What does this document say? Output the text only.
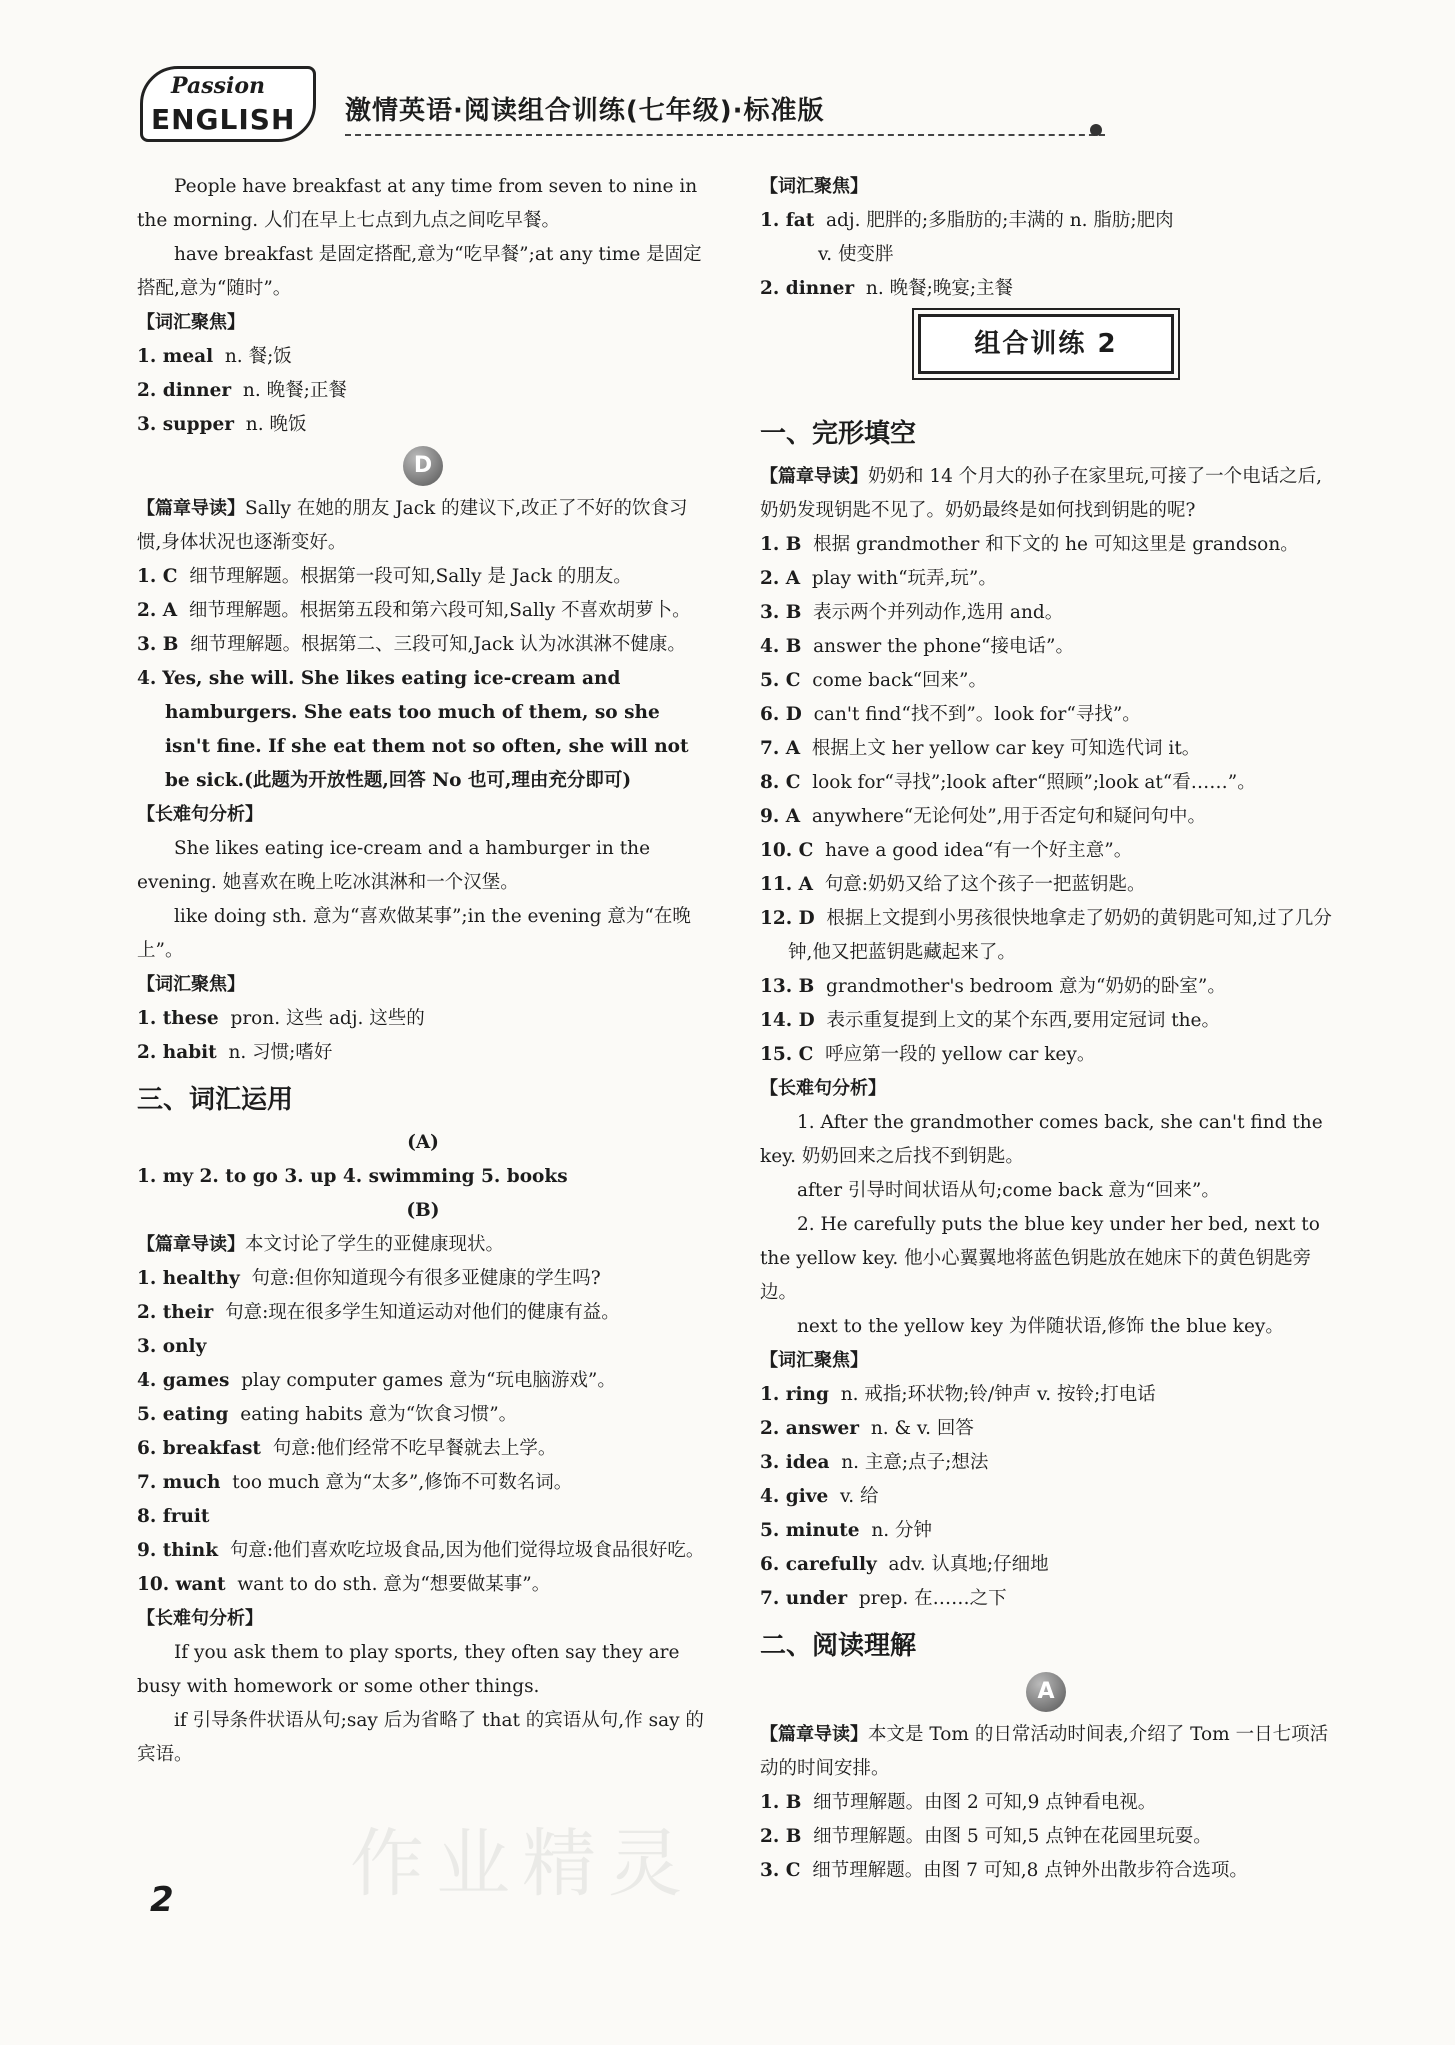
Passion
ENGLISH 激情英语·阅读组合训练(七年级)·标准版

People have breakfast at any time from seven to nine in the morning. 人们在早上七点到九点之间吃早餐。

have breakfast 是固定搭配,意为“吃早餐”;at any time 是固定搭配,意为“随时”。

【词汇聚焦】

1. meal n. 餐;饭

2. dinner n. 晚餐;正餐

3. supper n. 晚饭

D

【篇章导读】Sally 在她的朋友 Jack 的建议下,改正了不好的饮食习惯,身体状况也逐渐变好。

1. C 细节理解题。根据第一段可知,Sally 是 Jack 的朋友。

2. A 细节理解题。根据第五段和第六段可知,Sally 不喜欢胡萝卜。

3. B 细节理解题。根据第二、三段可知,Jack 认为冰淇淋不健康。

4. Yes, she will. She likes eating ice-cream and hamburgers. She eats too much of them, so she isn't fine. If she eat them not so often, she will not be sick.(此题为开放性题,回答 No 也可,理由充分即可)

【长难句分析】

She likes eating ice-cream and a hamburger in the evening. 她喜欢在晚上吃冰淇淋和一个汉堡。

like doing sth. 意为“喜欢做某事”;in the evening 意为“在晚上”。

【词汇聚焦】

1. these pron. 这些 adj. 这些的

2. habit n. 习惯;嗜好

三、词汇运用

(A)

1. my 2. to go 3. up 4. swimming 5. books

(B)

【篇章导读】本文讨论了学生的亚健康现状。

1. healthy 句意:但你知道现今有很多亚健康的学生吗?

2. their 句意:现在很多学生知道运动对他们的健康有益。

3. only

4. games play computer games 意为“玩电脑游戏”。

5. eating eating habits 意为“饮食习惯”。

6. breakfast 句意:他们经常不吃早餐就去上学。

7. much too much 意为“太多”,修饰不可数名词。

8. fruit

9. think 句意:他们喜欢吃垃圾食品,因为他们觉得垃圾食品很好吃。

10. want want to do sth. 意为“想要做某事”。

【长难句分析】

If you ask them to play sports, they often say they are busy with homework or some other things.

if 引导条件状语从句;say 后为省略了 that 的宾语从句,作 say 的宾语。

【词汇聚焦】

1. fat adj. 肥胖的;多脂肪的;丰满的 n. 脂肪;肥肉

v. 使变胖

2. dinner n. 晚餐;晚宴;主餐

组合训练 2
一、完形填空

【篇章导读】奶奶和 14 个月大的孙子在家里玩,可接了一个电话之后,奶奶发现钥匙不见了。奶奶最终是如何找到钥匙的呢?

1. B 根据 grandmother 和下文的 he 可知这里是 grandson。

2. A play with“玩弄,玩”。

3. B 表示两个并列动作,选用 and。

4. B answer the phone“接电话”。

5. C come back“回来”。

6. D can't find“找不到”。look for“寻找”。

7. A 根据上文 her yellow car key 可知选代词 it。

8. C look for“寻找”;look after“照顾”;look at“看……”。

9. A anywhere“无论何处”,用于否定句和疑问句中。

10. C have a good idea“有一个好主意”。

11. A 句意:奶奶又给了这个孩子一把蓝钥匙。

12. D 根据上文提到小男孩很快地拿走了奶奶的黄钥匙可知,过了几分钟,他又把蓝钥匙藏起来了。

13. B grandmother's bedroom 意为“奶奶的卧室”。

14. D 表示重复提到上文的某个东西,要用定冠词 the。

15. C 呼应第一段的 yellow car key。

【长难句分析】

1. After the grandmother comes back, she can't find the key. 奶奶回来之后找不到钥匙。

after 引导时间状语从句;come back 意为“回来”。

2. He carefully puts the blue key under her bed, next to the yellow key. 他小心翼翼地将蓝色钥匙放在她床下的黄色钥匙旁边。

next to the yellow key 为伴随状语,修饰 the blue key。

【词汇聚焦】

1. ring n. 戒指;环状物;铃/钟声 v. 按铃;打电话

2. answer n. & v. 回答

3. idea n. 主意;点子;想法

4. give v. 给

5. minute n. 分钟

6. carefully adv. 认真地;仔细地

7. under prep. 在……之下

二、阅读理解
A

【篇章导读】本文是 Tom 的日常活动时间表,介绍了 Tom 一日七项活动的时间安排。

1. B 细节理解题。由图 2 可知,9 点钟看电视。

2. B 细节理解题。由图 5 可知,5 点钟在花园里玩耍。

3. C 细节理解题。由图 7 可知,8 点钟外出散步符合选项。

作业精灵
2
